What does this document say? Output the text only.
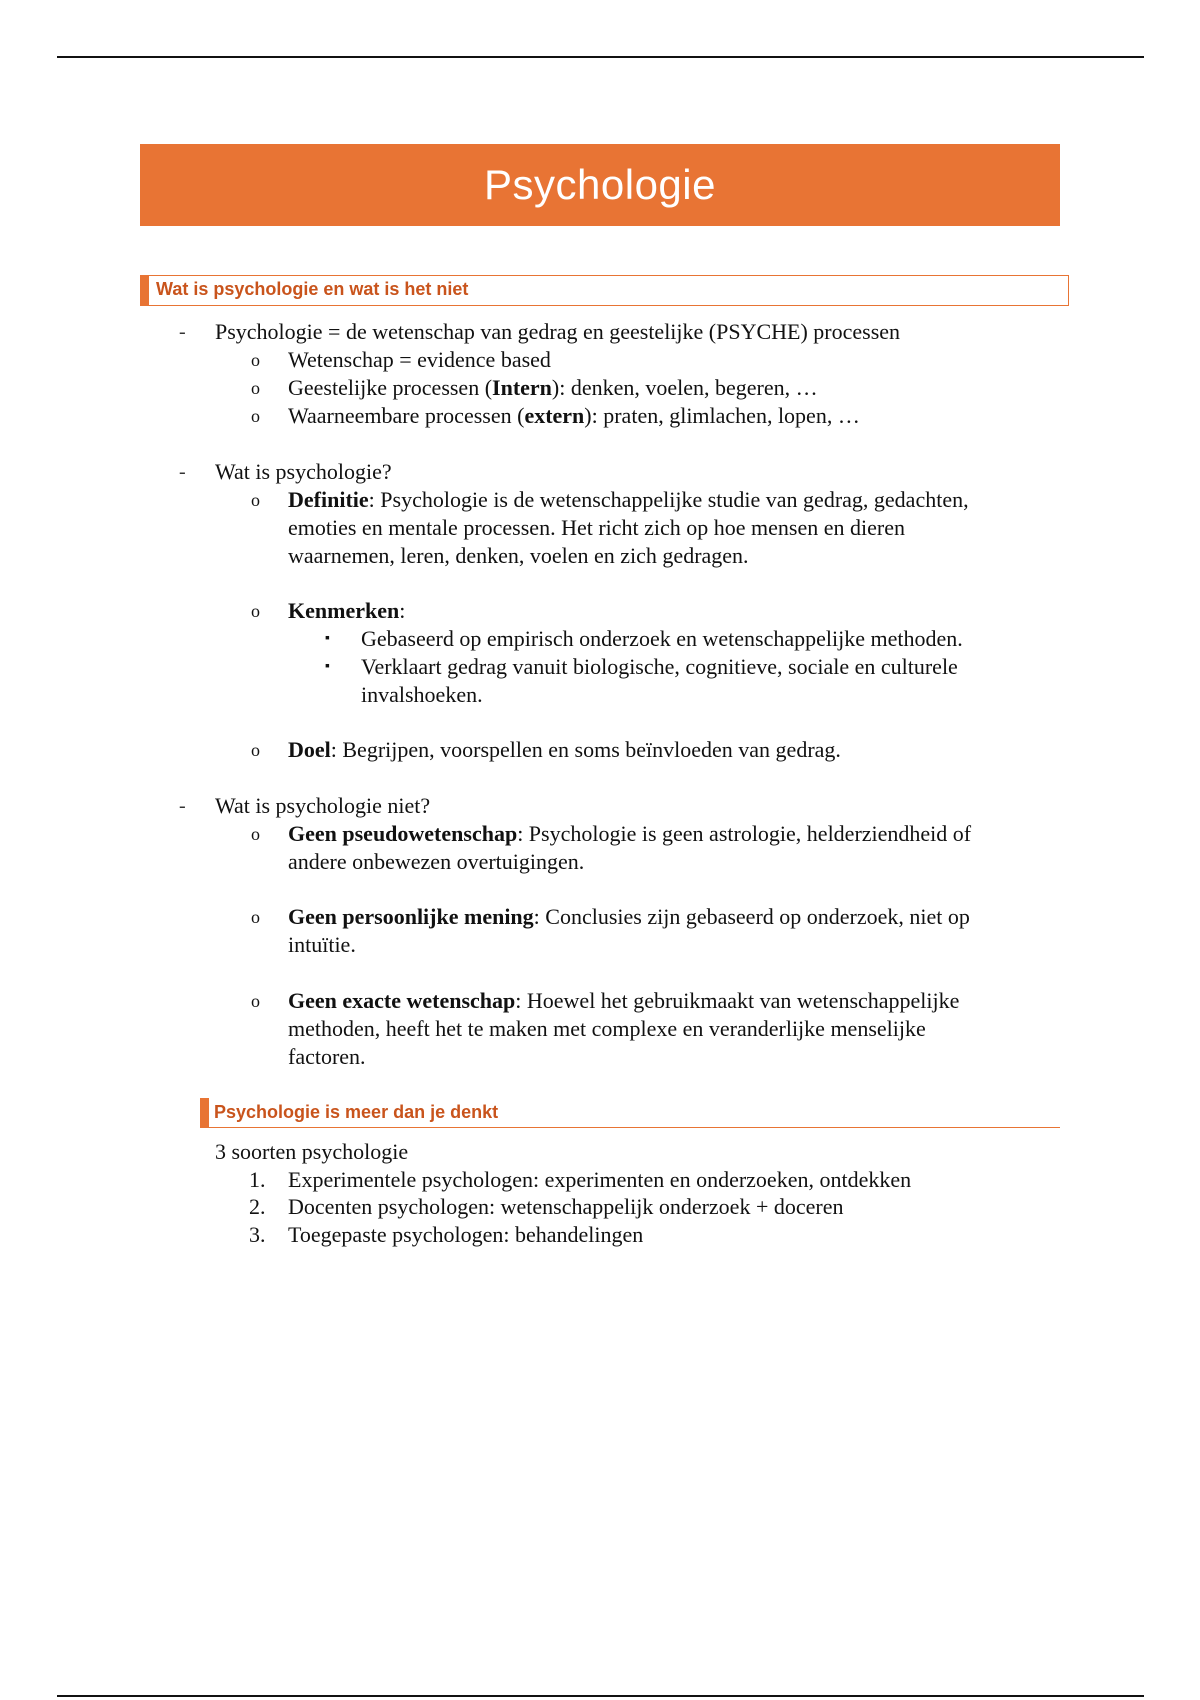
Psychologie
Wat is psychologie en wat is het niet
- Psychologie = de wetenschap van gedrag en geestelijke (PSYCHE) processen
o Wetenschap = evidence based
o Geestelijke processen (Intern): denken, voelen, begeren, …
o Waarneembare processen (extern): praten, glimlachen, lopen, …
- Wat is psychologie?
o Definitie: Psychologie is de wetenschappelijke studie van gedrag, gedachten,
emoties en mentale processen. Het richt zich op hoe mensen en dieren
waarnemen, leren, denken, voelen en zich gedragen.
o Kenmerken:
▪ Gebaseerd op empirisch onderzoek en wetenschappelijke methoden.
▪ Verklaart gedrag vanuit biologische, cognitieve, sociale en culturele
invalshoeken.
o Doel: Begrijpen, voorspellen en soms beïnvloeden van gedrag.
- Wat is psychologie niet?
o Geen pseudowetenschap: Psychologie is geen astrologie, helderziendheid of
andere onbewezen overtuigingen.
o Geen persoonlijke mening: Conclusies zijn gebaseerd op onderzoek, niet op
intuïtie.
o Geen exacte wetenschap: Hoewel het gebruikmaakt van wetenschappelijke
methoden, heeft het te maken met complexe en veranderlijke menselijke
factoren.
Psychologie is meer dan je denkt
3 soorten psychologie
1. Experimentele psychologen: experimenten en onderzoeken, ontdekken
2. Docenten psychologen: wetenschappelijk onderzoek + doceren
3. Toegepaste psychologen: behandelingen
